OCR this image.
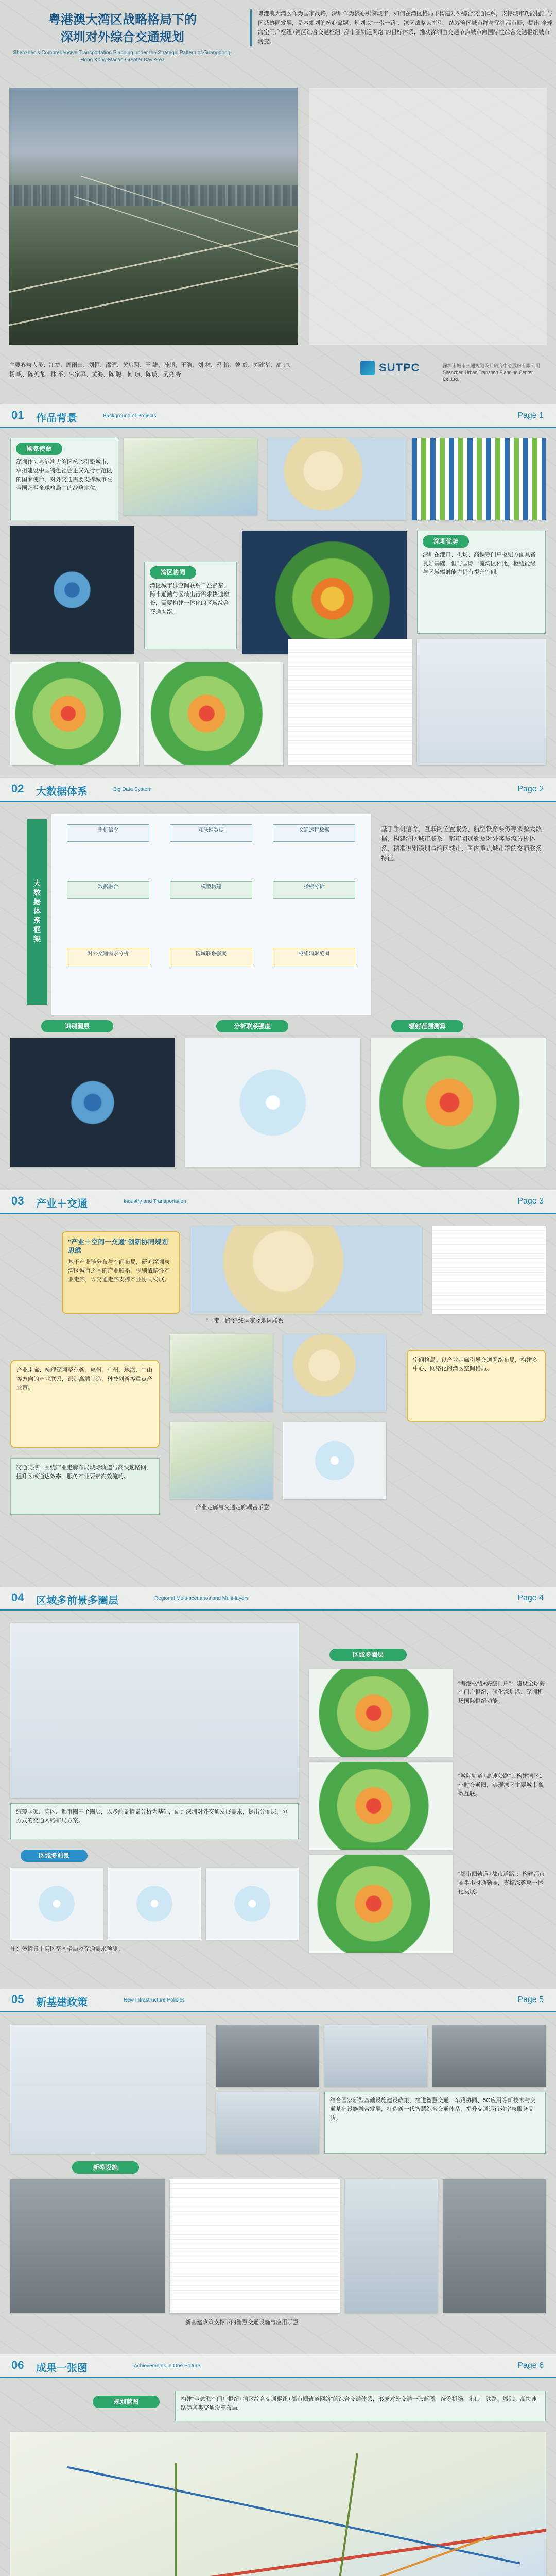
粤港澳大湾区战略格局下的
深圳对外综合交通规划
Shenzhen's Comprehensive Transportation Planning under the Strategic Pattern of Guangdong-Hong Kong-Macao Greater Bay Area
粤港澳大湾区作为国家战略，深圳作为核心引擎城市，如何在湾区格局下构建对外综合交通体系，支撑城市功能提升与区域协同发展，是本规划的核心命题。规划以"一带一路"、湾区战略为指引，统筹湾区城市群与深圳都市圈，提出"全球海空门户枢纽+湾区综合交通枢纽+都市圈轨道网络"的目标体系，推动深圳由交通节点城市向国际性综合交通枢纽城市转变。
主要参与人员：江捷、周雨田、刘恒、邵源、黄启翔、王 婕、孙超、王浩、刘 林、冯 怡、曾 毅、刘建华、高 帅、杨 帆、陈英龙、林 平、宋家骅、黄海、陈 聪、何 琼、陈瑛、吴亮 等
SUTPC	深圳市城市交通规划设计研究中心股份有限公司 Shenzhen Urban Transport Planning Center Co.,Ltd.
01 作品背景	Background of Projects	Page 1
國家使命
深圳作为粤港澳大湾区核心引擎城市，承担建设中国特色社会主义先行示范区的国家使命，对外交通需要支撑城市在全国乃至全球格局中的战略地位。
湾区协同
湾区城市群空间联系日益紧密，跨市通勤与区域出行需求快速增长，需要构建一体化的区域综合交通网络。
深圳优势
深圳在港口、机场、高铁等门户枢纽方面具备良好基础，但与国际一流湾区相比，枢纽能级与区域辐射能力仍有提升空间。
02 大数据体系	Big Data System	Page 2
大数据体系框架
手机信令	互联网数据	交通运行数据
数据融合	模型构建	指标分析
对外交通需求分析	区域联系强度	枢纽辐射范围
基于手机信令、互联网位置服务、航空铁路票务等多源大数据，构建湾区城市联系、都市圈通勤及对外客货流分析体系，精准识别深圳与湾区城市、国内重点城市群的交通联系特征。
识别圈层	分析联系强度	辐射范围测算
03 产业＋交通	Industry and Transportation	Page 3
"产业＋空间一交通"创新协同规划思维
基于产业链分布与空间布局，研究深圳与湾区城市之间的产业联系，识别战略性产业走廊，以交通走廊支撑产业协同发展。
"一带一路"沿线国家及地区联系
产业走廊：梳理深圳至东莞、惠州、广州、珠海、中山等方向的产业联系，识别高端制造、科技创新等重点产业带。
产业走廊与交通走廊耦合示意
空间格局：以产业走廊引导交通网络布局，构建多中心、网络化的湾区空间格局。
交通支撑：围绕产业走廊布局城际轨道与高快速路网，提升区域通达效率，服务产业要素高效流动。
04 区域多前景多圈层	Regional Multi-scenarios and Multi-layers	Page 4
区域多圈层
"海港枢纽+海空门户"：建设全球海空门户枢纽，强化深圳港、深圳机场国际枢纽功能。
"城际轨道+高速公路"：构建湾区1小时交通圈，实现湾区主要城市高效互联。
"都市圈轨道+都市道路"：构建都市圈半小时通勤圈，支撑深莞惠一体化发展。
统筹国家、湾区、都市圈三个圈层，以多前景情景分析为基础，研判深圳对外交通发展需求，提出分圈层、分方式的交通网络布局方案。
区域多前景
注：多情景下湾区空间格局及交通需求预测。
05 新基建政策	New Infrastructure Policies	Page 5
结合国家新型基础设施建设政策，推进智慧交通、车路协同、5G应用等新技术与交通基础设施融合发展，打造新一代智慧综合交通体系，提升交通运行效率与服务品质。
新型设施
新基建政策支撑下的智慧交通设施与应用示意
06 成果一张图	Achievements in One Picture	Page 6
规划蓝图	构建"全球海空门户枢纽+湾区综合交通枢纽+都市圈轨道网络"的综合交通体系，形成对外交通一张蓝图，统筹机场、港口、铁路、城际、高快速路等各类交通设施布局。
